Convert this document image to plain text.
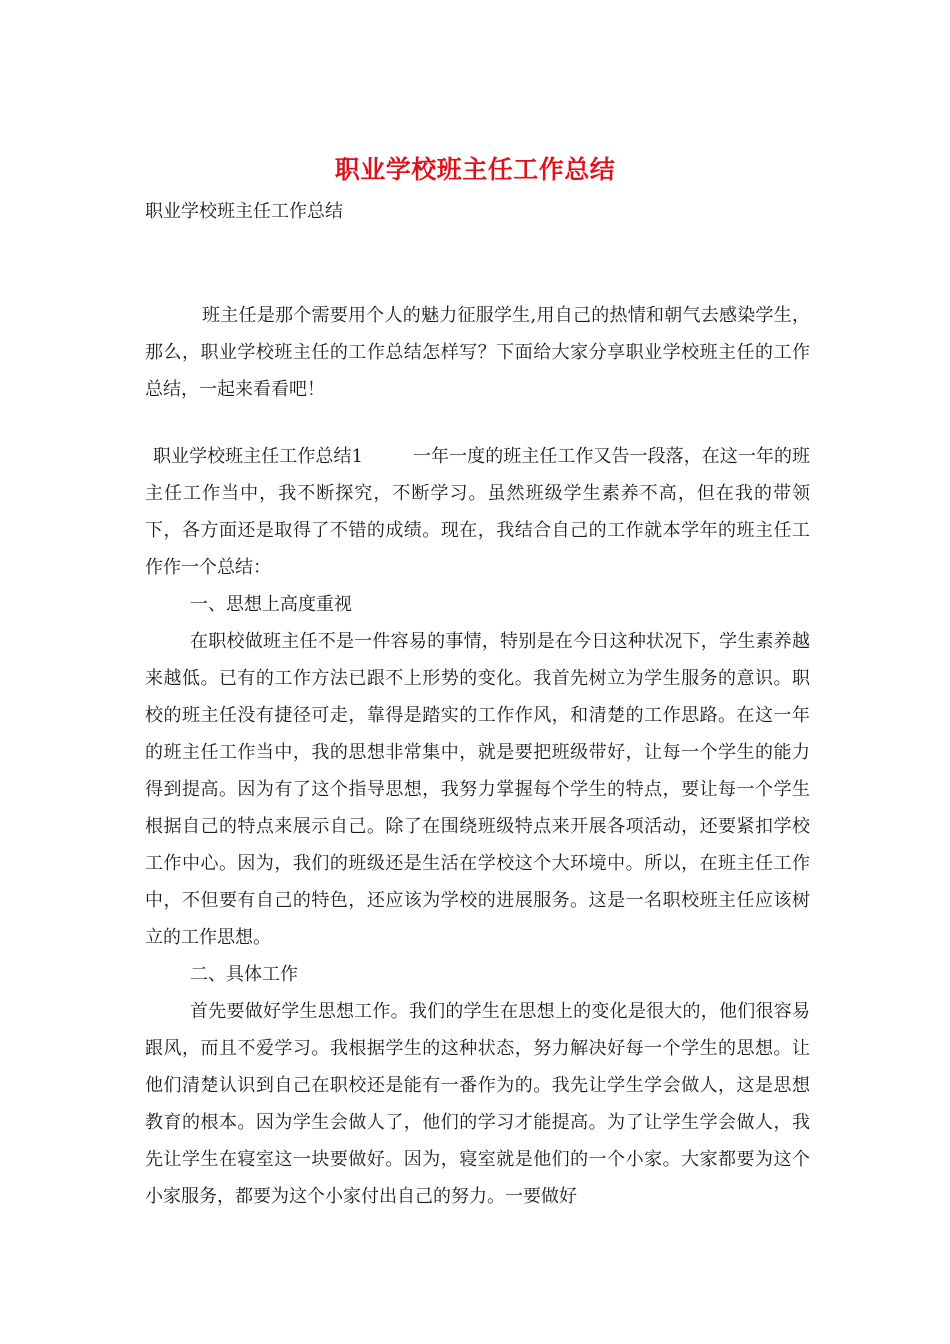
职业学校班主任工作总结
职业学校班主任工作总结
班主任是那个需要用个人的魅力征服学生,用自己的热情和朝气去感染学生，那么，职业学校班主任的工作总结怎样写？下面给大家分享职业学校班主任的工作总结，一起来看看吧！
职业学校班主任工作总结1	一年一度的班主任工作又告一段落，在这一年的班主任工作当中，我不断探究，不断学习。虽然班级学生素养不高，但在我的带领下，各方面还是取得了不错的成绩。现在，我结合自己的工作就本学年的班主任工作作一个总结：
一、思想上高度重视
在职校做班主任不是一件容易的事情，特别是在今日这种状况下，学生素养越来越低。已有的工作方法已跟不上形势的变化。我首先树立为学生服务的意识。职校的班主任没有捷径可走，靠得是踏实的工作作风，和清楚的工作思路。在这一年的班主任工作当中，我的思想非常集中，就是要把班级带好，让每一个学生的能力得到提高。因为有了这个指导思想，我努力掌握每个学生的特点，要让每一个学生根据自己的特点来展示自己。除了在围绕班级特点来开展各项活动，还要紧扣学校工作中心。因为，我们的班级还是生活在学校这个大环境中。所以，在班主任工作中，不但要有自己的特色，还应该为学校的进展服务。这是一名职校班主任应该树立的工作思想。
二、具体工作
首先要做好学生思想工作。我们的学生在思想上的变化是很大的，他们很容易跟风，而且不爱学习。我根据学生的这种状态，努力解决好每一个学生的思想。让他们清楚认识到自己在职校还是能有一番作为的。我先让学生学会做人，这是思想教育的根本。因为学生会做人了，他们的学习才能提高。为了让学生学会做人，我先让学生在寝室这一块要做好。因为，寝室就是他们的一个小家。大家都要为这个小家服务，都要为这个小家付出自己的努力。一要做好
